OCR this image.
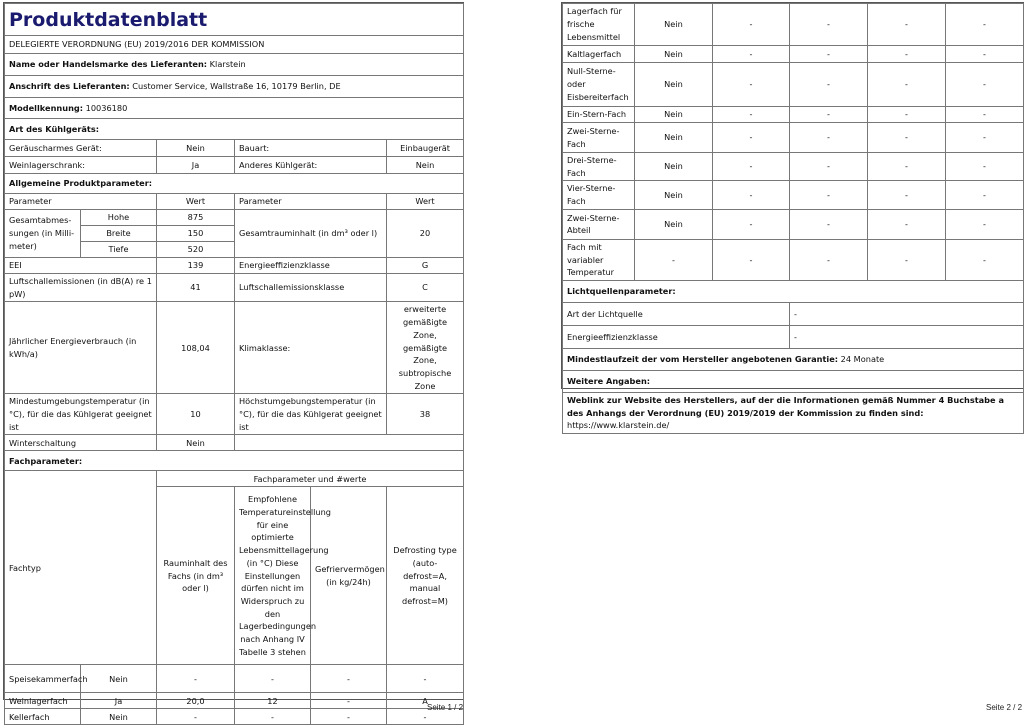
Produktdatenblatt					
DELEGIERTE VERORDNUNG (EU) 2019/2016 DER KOMMISSION					
Name oder Handelsmarke des Lieferanten: Klarstein					
Anschrift des Lieferanten: Customer Service, Wallstraße 16, 10179 Berlin, DE					
Modellkennung: 10036180					
Art des Kühlgeräts:					
Geräuscharmes Gerät:		Nein	Bauart:		Einbaugerät
Weinlagerschrank:		Ja	Anderes Kühlgerät:		Nein
Allgemeine Produktparameter:					
Parameter		Wert	Parameter		Wert
Gesamtabmes-sungen (in Milli-meter)	Hohe	875	Gesamtrauminhalt (in dm³ oder l)		20
	Breite	150			
	Tiefe	520			
EEI		139	Energieeffizienzklasse		G
Luftschallemissionen (in dB(A) re 1 pW)		41	Luftschallemissionsklasse		C
Jährlicher Energieverbrauch (in kWh/a)		108,04	Klimaklasse:		erweiterte gemäßigte Zone, gemäßigte Zone, subtropische Zone
Mindestumgebungstemperatur (in °C), für die das Kühlgerat geeignet ist		10	Höchstumgebungstemperatur (in °C), für die das Kühlgerat geeignet ist		38
Winterschaltung		Nein			
Fachparameter:					
Fachtyp		Fachparameter und #werte			
		Rauminhalt des Fachs (in dm³ oder l)	Empfohlene Temperatureinstellung für eine optimierte Lebensmittellagerung (in °C) Diese Einstellungen dürfen nicht im Widerspruch zu den Lagerbedingungen nach Anhang IV Tabelle 3 stehen	Gefriervermögen (in kg/24h)	Defrosting type (auto-defrost=A, manual defrost=M)
Speisekammerfach	Nein	-	-	-	-
Weinlagerfach	Ja	20,0	12	-	A
Kellerfach	Nein	-	-	-	-
Lagerfach für frische Lebensmittel	Nein	-	-	-	-
Kaltlagerfach	Nein	-	-	-	-
Null-Sterne- oder Eisbereiterfach	Nein	-	-	-	-
Ein-Stern-Fach	Nein	-	-	-	-
Zwei-Sterne-Fach	Nein	-	-	-	-
Drei-Sterne-Fach	Nein	-	-	-	-
Vier-Sterne-Fach	Nein	-	-	-	-
Zwei-Sterne-Abteil	Nein	-	-	-	-
Fach mit variabler Temperatur	-	-	-	-	-
Lichtquellenparameter:					
Art der Lichtquelle			-		
Energieeffizienzklasse			-		
Mindestlaufzeit der vom Hersteller angebotenen Garantie: 24 Monate					
Weitere Angaben:					
Weblink zur Website des Herstellers, auf der die Informationen gemäß Nummer 4 Buchstabe a des Anhangs der Verordnung (EU) 2019/2019 der Kommission zu finden sind: https://www.klarstein.de/					
Seite 1 / 2	Seite 2 / 2
